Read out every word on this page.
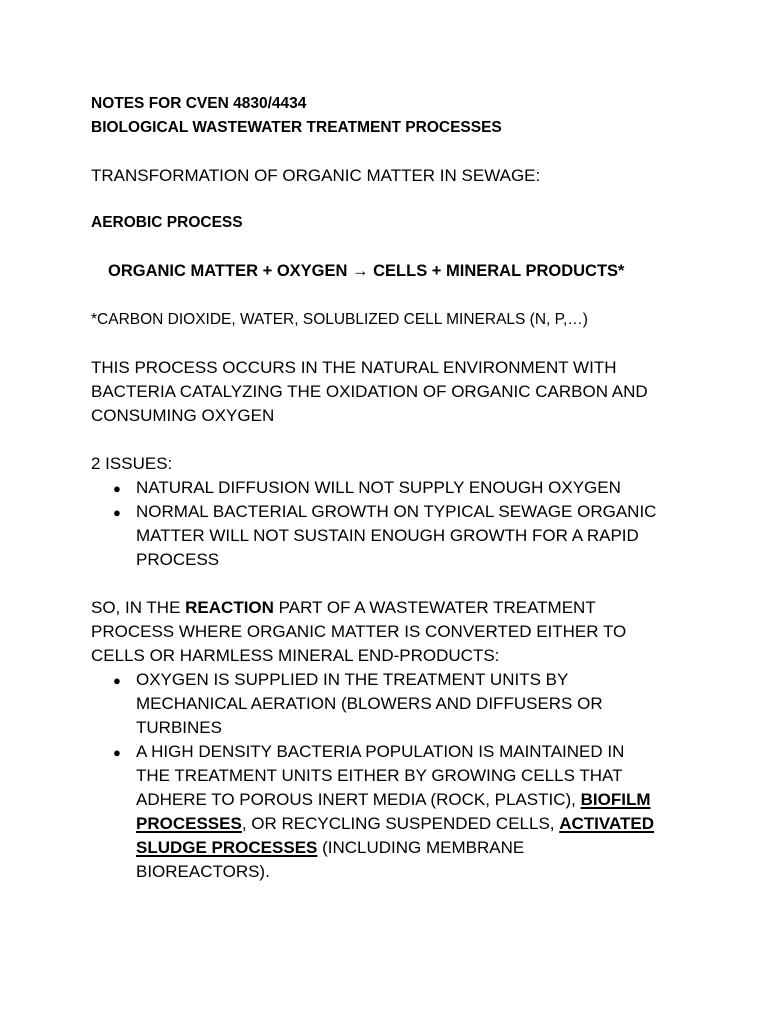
NOTES FOR CVEN 4830/4434

BIOLOGICAL WASTEWATER TREATMENT PROCESSES

TRANSFORMATION OF ORGANIC MATTER IN SEWAGE:

AEROBIC PROCESS

ORGANIC MATTER + OXYGEN → CELLS + MINERAL PRODUCTS*

*CARBON DIOXIDE, WATER, SOLUBLIZED CELL MINERALS (N, P,…)

THIS PROCESS OCCURS IN THE NATURAL ENVIRONMENT WITH

BACTERIA CATALYZING THE OXIDATION OF ORGANIC CARBON AND

CONSUMING OXYGEN

2 ISSUES:

● NATURAL DIFFUSION WILL NOT SUPPLY ENOUGH OXYGEN

● NORMAL BACTERIAL GROWTH ON TYPICAL SEWAGE ORGANIC

MATTER WILL NOT SUSTAIN ENOUGH GROWTH FOR A RAPID

PROCESS

SO, IN THE REACTION PART OF A WASTEWATER TREATMENT

PROCESS WHERE ORGANIC MATTER IS CONVERTED EITHER TO

CELLS OR HARMLESS MINERAL END-PRODUCTS:

● OXYGEN IS SUPPLIED IN THE TREATMENT UNITS BY

MECHANICAL AERATION (BLOWERS AND DIFFUSERS OR

TURBINES

● A HIGH DENSITY BACTERIA POPULATION IS MAINTAINED IN

THE TREATMENT UNITS EITHER BY GROWING CELLS THAT

ADHERE TO POROUS INERT MEDIA (ROCK, PLASTIC), BIOFILM

PROCESSES, OR RECYCLING SUSPENDED CELLS, ACTIVATED

SLUDGE PROCESSES (INCLUDING MEMBRANE

BIOREACTORS).
